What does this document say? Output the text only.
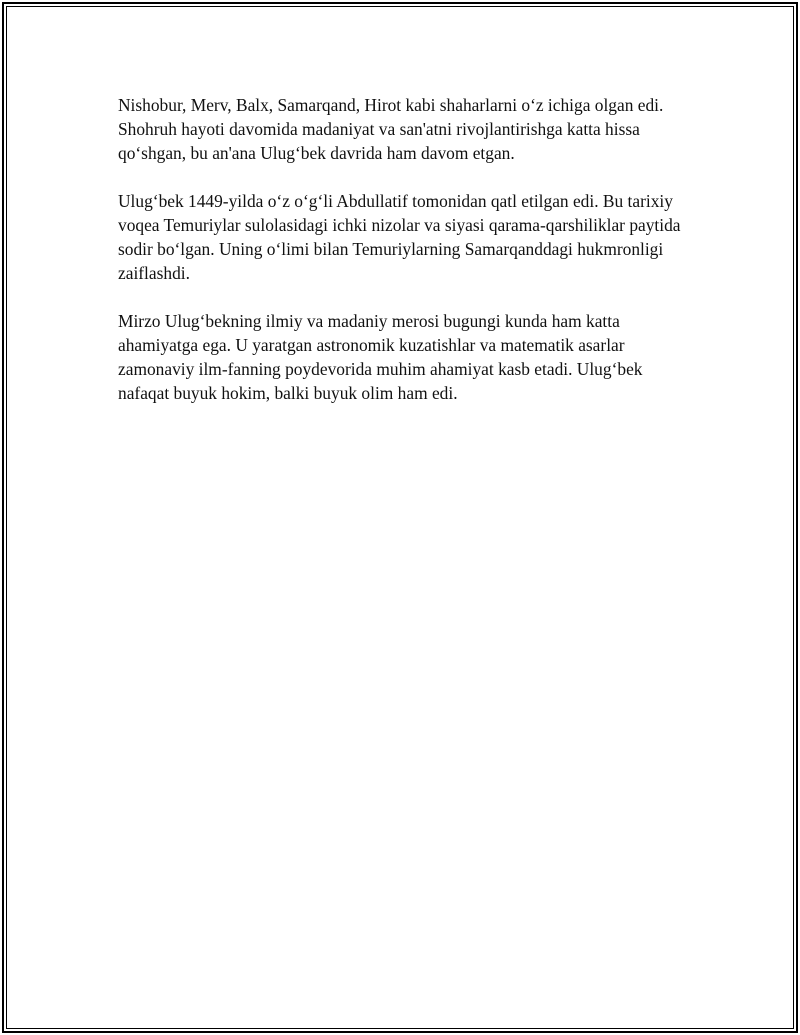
Nishobur, Merv, Balx, Samarqand, Hirot kabi shaharlarni o‘z ichiga olgan edi. Shohruh hayoti davomida madaniyat va san'atni rivojlantirishga katta hissa qo‘shgan, bu an'ana Ulug‘bek davrida ham davom etgan.

Ulug‘bek 1449-yilda o‘z o‘g‘li Abdullatif tomonidan qatl etilgan edi. Bu tarixiy voqea Temuriylar sulolasidagi ichki nizolar va siyasi qarama-qarshiliklar paytida sodir bo‘lgan. Uning o‘limi bilan Temuriylarning Samarqanddagi hukmronligi zaiflashdi.

Mirzo Ulug‘bekning ilmiy va madaniy merosi bugungi kunda ham katta ahamiyatga ega. U yaratgan astronomik kuzatishlar va matematik asarlar zamonaviy ilm-fanning poydevorida muhim ahamiyat kasb etadi. Ulug‘bek nafaqat buyuk hokim, balki buyuk olim ham edi.
